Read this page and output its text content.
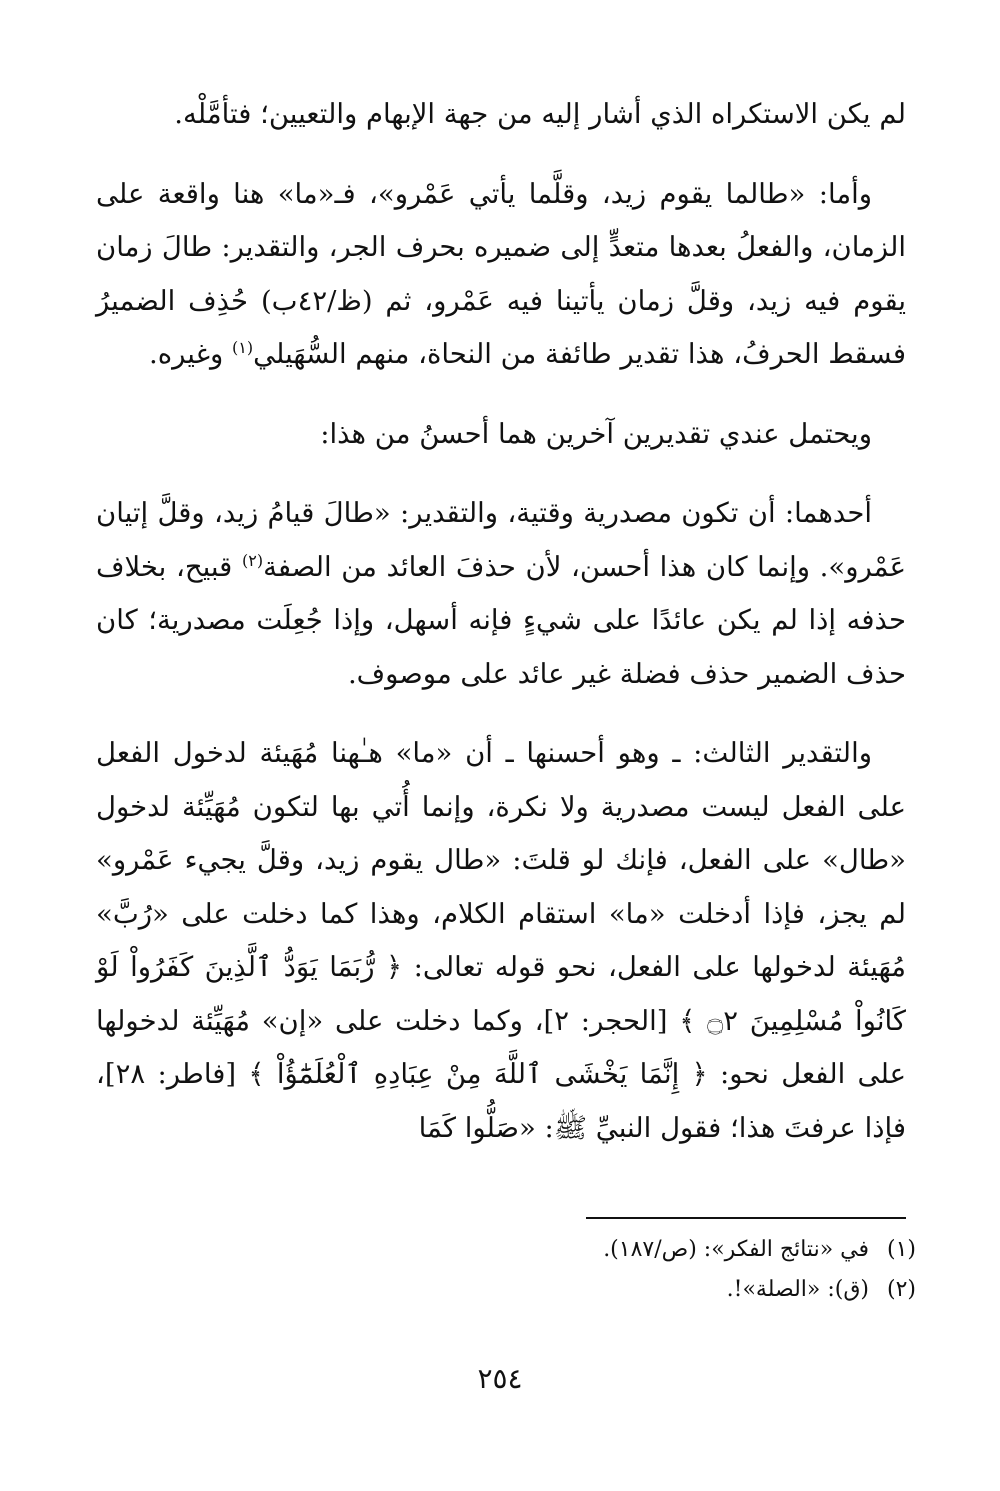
لم يكن الاستكراه الذي أشار إليه من جهة الإبهام والتعيين؛ فتأمَّلْه.

وأما: «طالما يقوم زيد، وقلَّما يأتي عَمْرو»، فـ«ما» هنا واقعة على الزمان، والفعلُ بعدها متعدٍّ إلى ضميره بحرف الجر، والتقدير: طالَ زمان يقوم فيه زيد، وقلَّ زمان يأتينا فيه عَمْرو، ثم (ظ/٤٢ب) حُذِف الضميرُ فسقط الحرفُ، هذا تقدير طائفة من النحاة، منهم السُّهَيلي$^{(١)}$ وغيره.

ويحتمل عندي تقديرين آخرين هما أحسنُ من هذا:

أحدهما: أن تكون مصدرية وقتية، والتقدير: «طالَ قيامُ زيد، وقلَّ إتيان عَمْرو». وإنما كان هذا أحسن، لأن حذفَ العائد من الصفة$^{(٢)}$ قبيح، بخلاف حذفه إذا لم يكن عائدًا على شيءٍ فإنه أسهل، وإذا جُعِلَت مصدرية؛ كان حذف الضمير حذف فضلة غير عائد على موصوف.

والتقدير الثالث: ـ وهو أحسنها ـ أن «ما» هـٰهنا مُهَيئة لدخول الفعل على الفعل ليست مصدرية ولا نكرة، وإنما أُتي بها لتكون مُهَيِّئة لدخول «طال» على الفعل، فإنك لو قلتَ: «طال يقوم زيد، وقلَّ يجيء عَمْرو» لم يجز، فإذا أدخلت «ما» استقام الكلام، وهذا كما دخلت على «رُبَّ» مُهَيئة لدخولها على الفعل، نحو قوله تعالى: ﴿ رُّبَمَا يَوَدُّ ٱلَّذِينَ كَفَرُواْ لَوْ كَانُواْ مُسْلِمِينَ ۝٢ ﴾ [الحجر: ٢]، وكما دخلت على «إن» مُهَيِّئة لدخولها على الفعل نحو: ﴿ إِنَّمَا يَخْشَى ٱللَّهَ مِنْ عِبَادِهِ ٱلْعُلَمَٰٓؤُاْ ﴾ [فاطر: ٢٨]، فإذا عرفتَ هذا؛ فقول النبيِّ ﷺ: «صَلُّوا كَمَا

(١) في «نتائج الفكر»: (ص/١٨٧).
(٢) (ق): «الصلة»!.
٢٥٤
